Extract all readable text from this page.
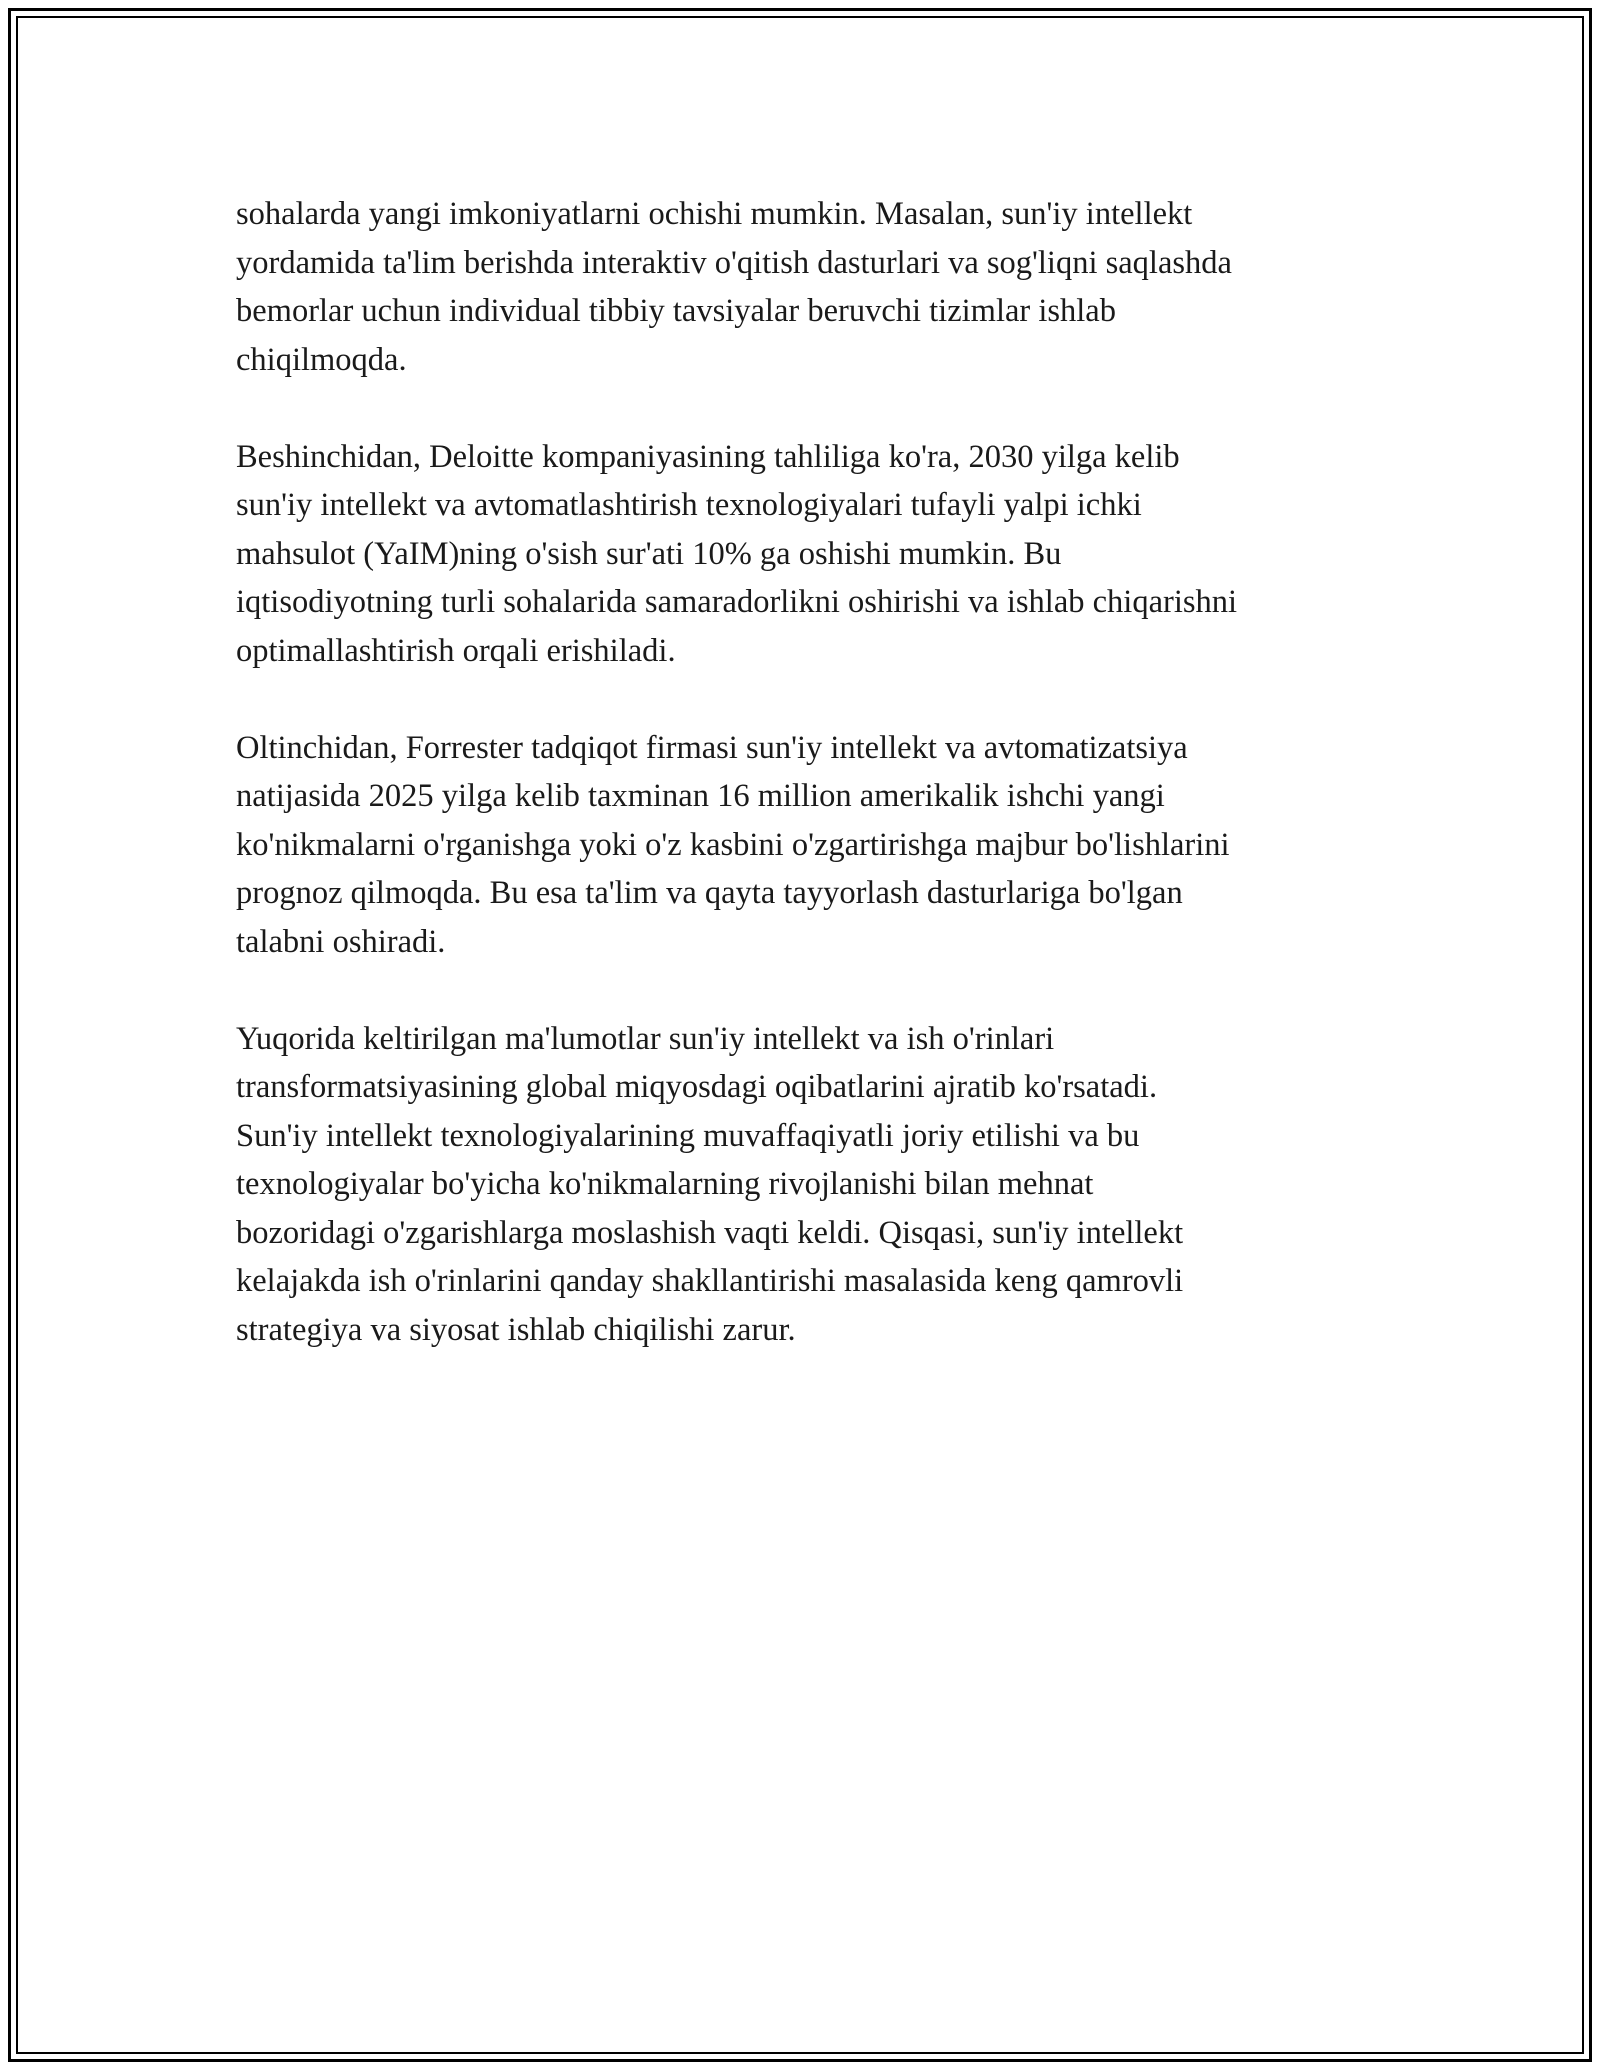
sohalarda yangi imkoniyatlarni ochishi mumkin. Masalan, sun'iy intellekt
yordamida ta'lim berishda interaktiv o'qitish dasturlari va sog'liqni saqlashda
bemorlar uchun individual tibbiy tavsiyalar beruvchi tizimlar ishlab
chiqilmoqda.

Beshinchidan, Deloitte kompaniyasining tahliliga ko'ra, 2030 yilga kelib
sun'iy intellekt va avtomatlashtirish texnologiyalari tufayli yalpi ichki
mahsulot (YaIM)ning o'sish sur'ati 10% ga oshishi mumkin. Bu
iqtisodiyotning turli sohalarida samaradorlikni oshirishi va ishlab chiqarishni
optimallashtirish orqali erishiladi.

Oltinchidan, Forrester tadqiqot firmasi sun'iy intellekt va avtomatizatsiya
natijasida 2025 yilga kelib taxminan 16 million amerikalik ishchi yangi
ko'nikmalarni o'rganishga yoki o'z kasbini o'zgartirishga majbur bo'lishlarini
prognoz qilmoqda. Bu esa ta'lim va qayta tayyorlash dasturlariga bo'lgan
talabni oshiradi.

Yuqorida keltirilgan ma'lumotlar sun'iy intellekt va ish o'rinlari
transformatsiyasining global miqyosdagi oqibatlarini ajratib ko'rsatadi.
Sun'iy intellekt texnologiyalarining muvaffaqiyatli joriy etilishi va bu
texnologiyalar bo'yicha ko'nikmalarning rivojlanishi bilan mehnat
bozoridagi o'zgarishlarga moslashish vaqti keldi. Qisqasi, sun'iy intellekt
kelajakda ish o'rinlarini qanday shakllantirishi masalasida keng qamrovli
strategiya va siyosat ishlab chiqilishi zarur.
